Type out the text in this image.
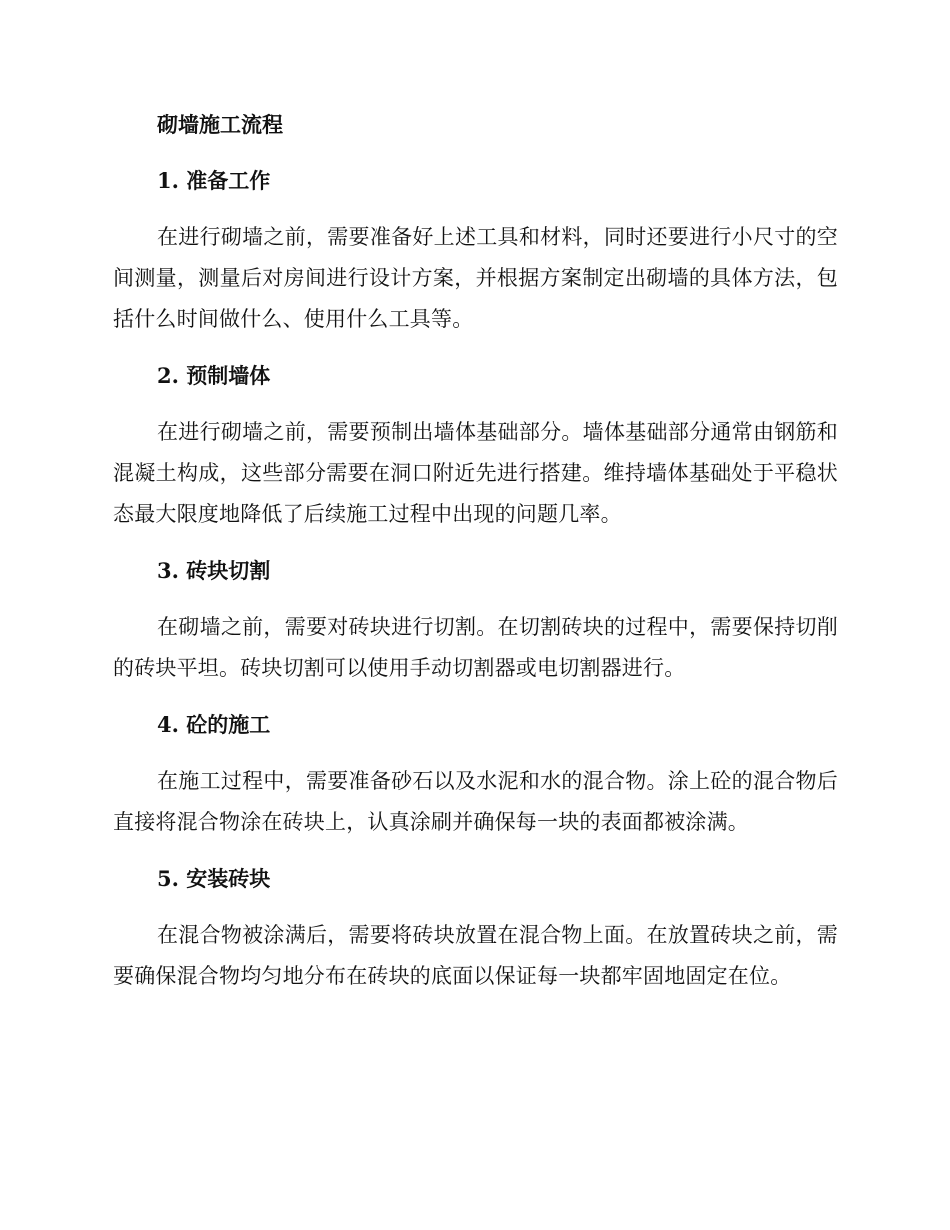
砌墙施工流程
1. 准备工作

在进行砌墙之前，需要准备好上述工具和材料，同时还要进行小尺寸的空间测量，测量后对房间进行设计方案，并根据方案制定出砌墙的具体方法，包括什么时间做什么、使用什么工具等。

2. 预制墙体

在进行砌墙之前，需要预制出墙体基础部分。墙体基础部分通常由钢筋和混凝土构成，这些部分需要在洞口附近先进行搭建。维持墙体基础处于平稳状态最大限度地降低了后续施工过程中出现的问题几率。

3. 砖块切割

在砌墙之前，需要对砖块进行切割。在切割砖块的过程中，需要保持切削的砖块平坦。砖块切割可以使用手动切割器或电切割器进行。

4. 砼的施工

在施工过程中，需要准备砂石以及水泥和水的混合物。涂上砼的混合物后直接将混合物涂在砖块上，认真涂刷并确保每一块的表面都被涂满。

5. 安装砖块

在混合物被涂满后，需要将砖块放置在混合物上面。在放置砖块之前，需要确保混合物均匀地分布在砖块的底面以保证每一块都牢固地固定在位。
